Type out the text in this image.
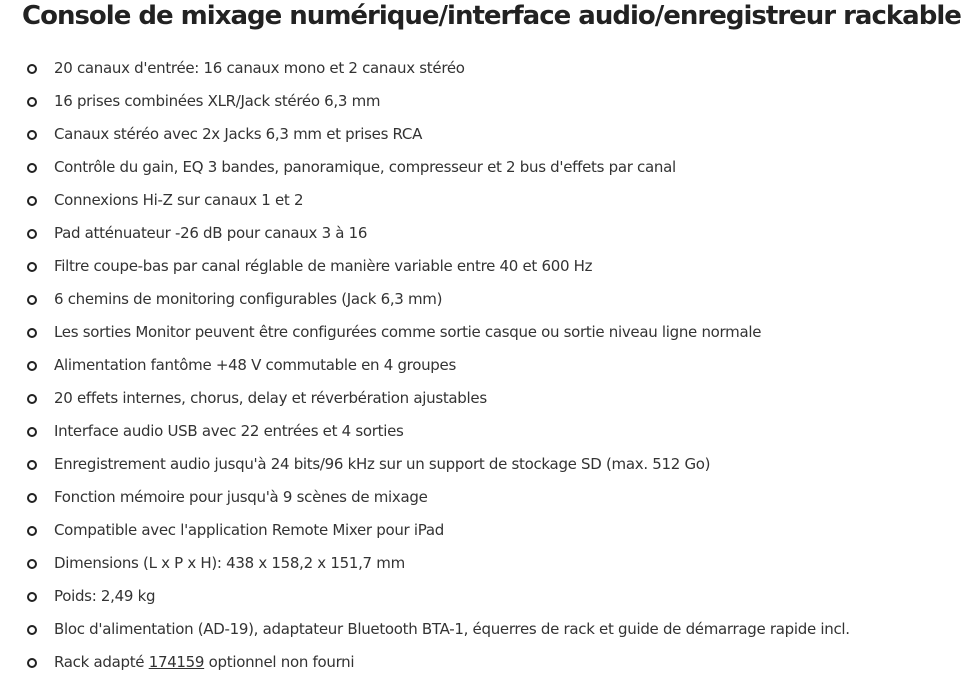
Console de mixage numérique/interface audio/enregistreur rackable
20 canaux d'entrée: 16 canaux mono et 2 canaux stéréo
16 prises combinées XLR/Jack stéréo 6,3 mm
Canaux stéréo avec 2x Jacks 6,3 mm et prises RCA
Contrôle du gain, EQ 3 bandes, panoramique, compresseur et 2 bus d'effets par canal
Connexions Hi-Z sur canaux 1 et 2
Pad atténuateur -26 dB pour canaux 3 à 16
Filtre coupe-bas par canal réglable de manière variable entre 40 et 600 Hz
6 chemins de monitoring configurables (Jack 6,3 mm)
Les sorties Monitor peuvent être configurées comme sortie casque ou sortie niveau ligne normale
Alimentation fantôme +48 V commutable en 4 groupes
20 effets internes, chorus, delay et réverbération ajustables
Interface audio USB avec 22 entrées et 4 sorties
Enregistrement audio jusqu'à 24 bits/96 kHz sur un support de stockage SD (max. 512 Go)
Fonction mémoire pour jusqu'à 9 scènes de mixage
Compatible avec l'application Remote Mixer pour iPad
Dimensions (L x P x H): 438 x 158,2 x 151,7 mm
Poids: 2,49 kg
Bloc d'alimentation (AD-19), adaptateur Bluetooth BTA-1, équerres de rack et guide de démarrage rapide incl.
Rack adapté 174159 optionnel non fourni
